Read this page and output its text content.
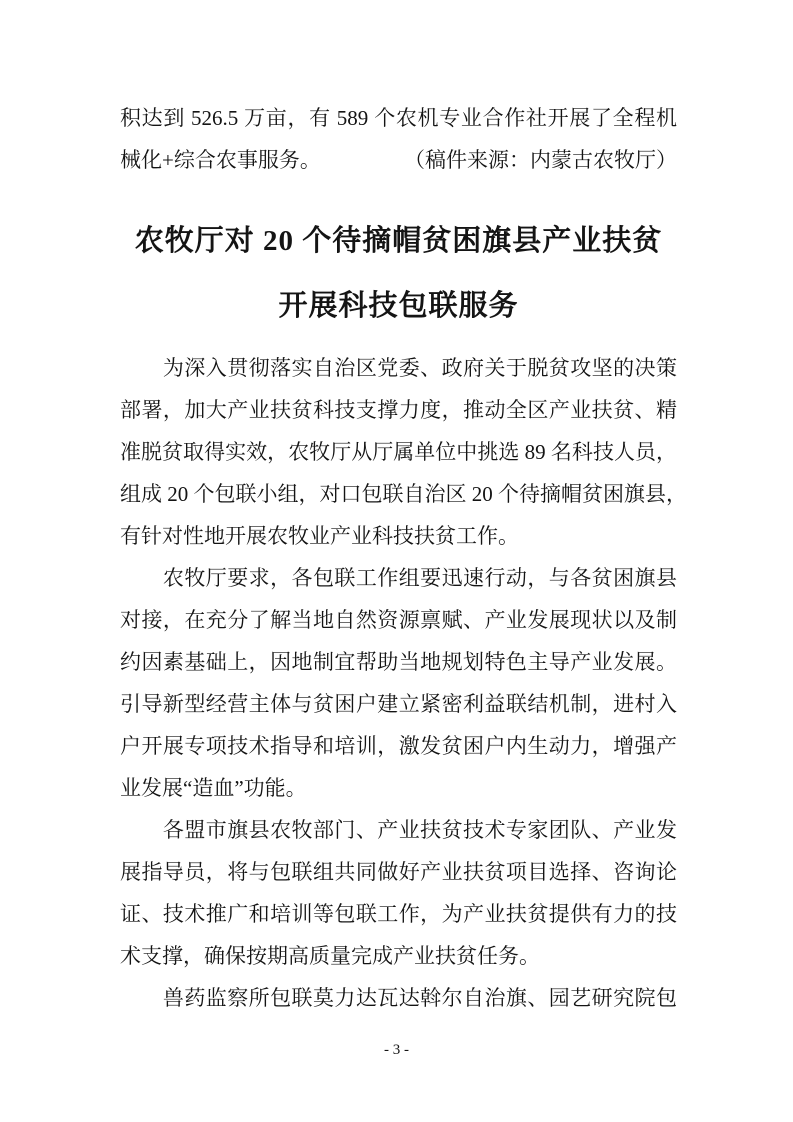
积达到 526.5 万亩，有 589 个农机专业合作社开展了全程机
械化+综合农事服务。	（稿件来源：内蒙古农牧厅）
农牧厅对 20 个待摘帽贫困旗县产业扶贫
开展科技包联服务
　　为深入贯彻落实自治区党委、政府关于脱贫攻坚的决策
部署，加大产业扶贫科技支撑力度，推动全区产业扶贫、精
准脱贫取得实效，农牧厅从厅属单位中挑选 89 名科技人员，
组成 20 个包联小组，对口包联自治区 20 个待摘帽贫困旗县，
有针对性地开展农牧业产业科技扶贫工作。
　　农牧厅要求，各包联工作组要迅速行动，与各贫困旗县
对接，在充分了解当地自然资源禀赋、产业发展现状以及制
约因素基础上，因地制宜帮助当地规划特色主导产业发展。
引导新型经营主体与贫困户建立紧密利益联结机制，进村入
户开展专项技术指导和培训，激发贫困户内生动力，增强产
业发展“造血”功能。
　　各盟市旗县农牧部门、产业扶贫技术专家团队、产业发
展指导员，将与包联组共同做好产业扶贫项目选择、咨询论
证、技术推广和培训等包联工作，为产业扶贫提供有力的技
术支撑，确保按期高质量完成产业扶贫任务。
　　兽药监察所包联莫力达瓦达斡尔自治旗、园艺研究院包
- 3 -
